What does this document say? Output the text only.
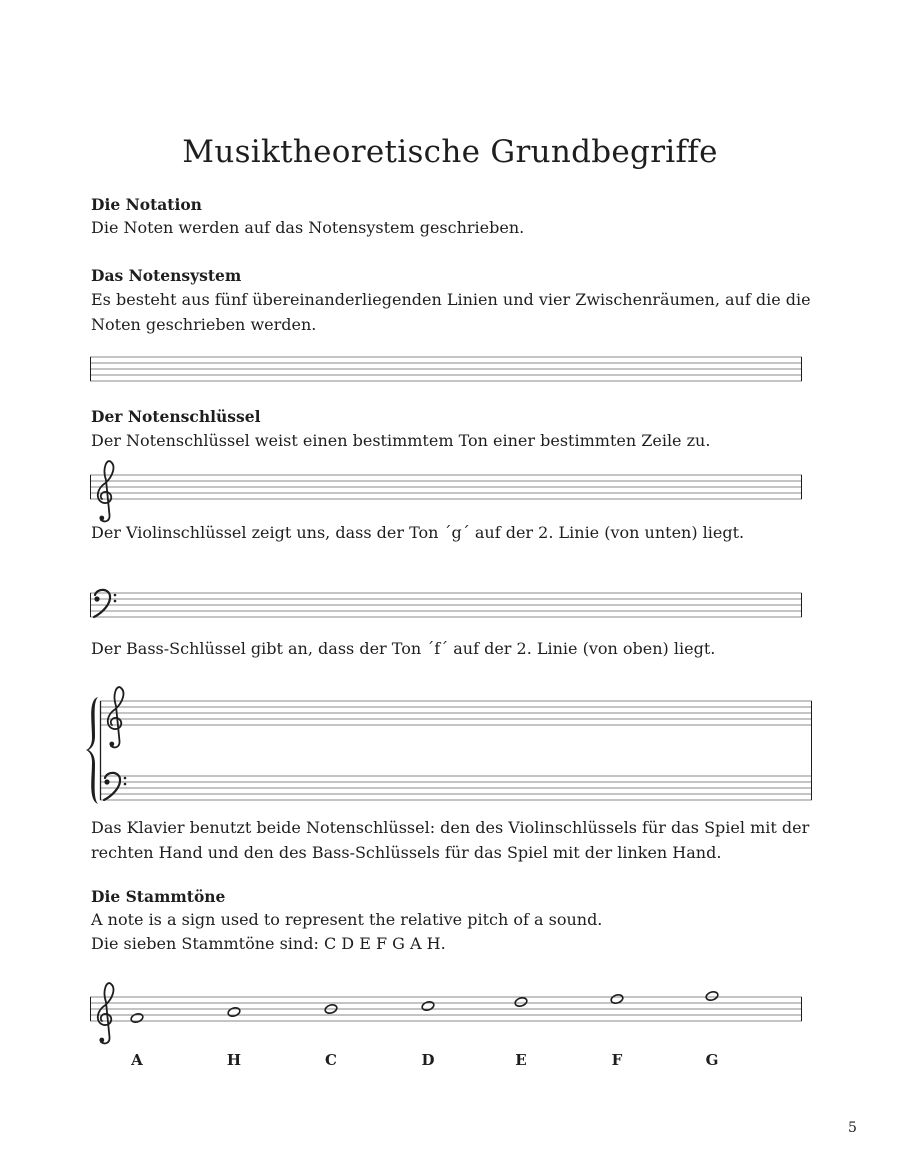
Musiktheoretische Grundbegriffe
Die Notation
Die Noten werden auf das Notensystem geschrieben.
Das Notensystem
Es besteht aus fünf übereinanderliegenden Linien und vier Zwischenräumen, auf die die
Noten geschrieben werden.
Der Notenschlüssel
Der Notenschlüssel weist einen bestimmtem Ton einer bestimmten Zeile zu.
Der Violinschlüssel zeigt uns, dass der Ton ´g´ auf der 2. Linie (von unten) liegt.
Der Bass-Schlüssel gibt an, dass der Ton ´f´ auf der 2. Linie (von oben) liegt.
Das Klavier benutzt beide Notenschlüssel: den des Violinschlüssels für das Spiel mit der
rechten Hand und den des Bass-Schlüssels für das Spiel mit der linken Hand.
Die Stammtöne
A note is a sign used to represent the relative pitch of a sound.
Die sieben Stammtöne sind: C D E F G A H.
A	H	C	D	E	F	G
5
